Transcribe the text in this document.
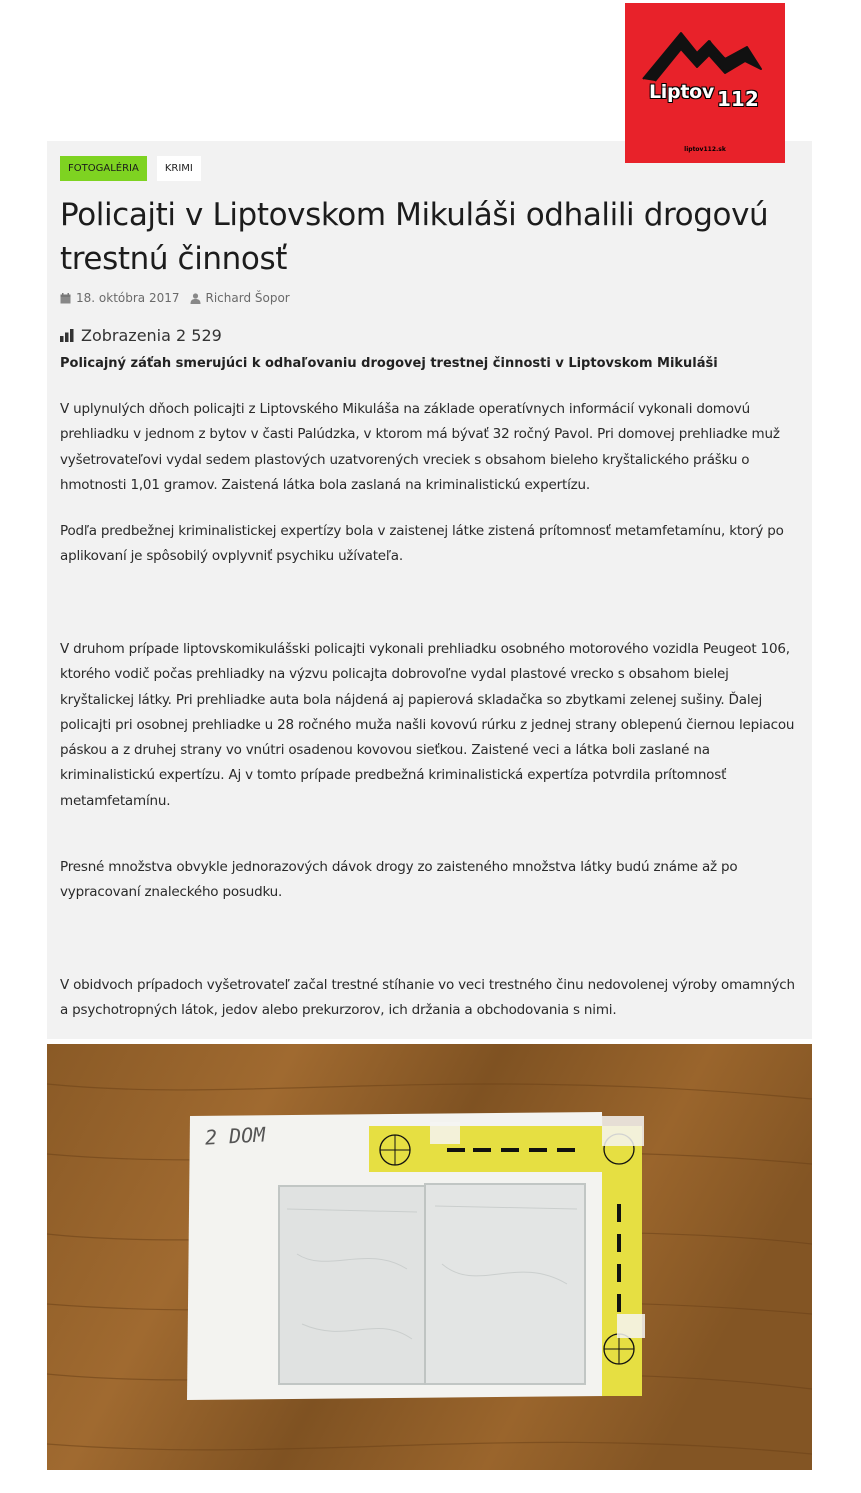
Liptov 112
liptov112.sk
FOTOGALÉRIA	KRIMI
Policajti v Liptovskom Mikuláši odhalili drogovú trestnú činnosť
18. októbra 2017 Richard Šopor
Zobrazenia
2 529
Policajný záťah smerujúci k odhaľovaniu drogovej trestnej činnosti v Liptovskom Mikuláši

V uplynulých dňoch policajti z Liptovského Mikuláša na základe operatívnych informácií vykonali domovú prehliadku v jednom z bytov v časti Palúdzka, v ktorom má bývať 32 ročný Pavol. Pri domovej prehliadke muž vyšetrovateľovi vydal sedem plastových uzatvorených vreciek s obsahom bieleho kryštalického prášku o hmotnosti 1,01 gramov. Zaistená látka bola zaslaná na kriminalistickú expertízu.

Podľa predbežnej kriminalistickej expertízy bola v zaistenej látke zistená prítomnosť metamfetamínu, ktorý po aplikovaní je spôsobilý ovplyvniť psychiku užívateľa.

V druhom prípade liptovskomikulášski policajti vykonali prehliadku osobného motorového vozidla Peugeot 106, ktorého vodič počas prehliadky na výzvu policajta dobrovoľne vydal plastové vrecko s obsahom bielej kryštalickej látky. Pri prehliadke auta bola nájdená aj papierová skladačka so zbytkami zelenej sušiny. Ďalej policajti pri osobnej prehliadke u 28 ročného muža našli kovovú rúrku z jednej strany oblepenú čiernou lepiacou páskou a z druhej strany vo vnútri osadenou kovovou sieťkou. Zaistené veci a látka boli zaslané na kriminalistickú expertízu. Aj v tomto prípade predbežná kriminalistická expertíza potvrdila prítomnosť metamfetamínu.

Presné množstva obvykle jednorazových dávok drogy zo zaisteného množstva látky budú známe až po vypracovaní znaleckého posudku.

V obidvoch prípadoch vyšetrovateľ začal trestné stíhanie vo veci trestného činu nedovolenej výroby omamných a psychotropných látok, jedov alebo prekurzorov, ich držania a obchodovania s nimi.

2 DOM
